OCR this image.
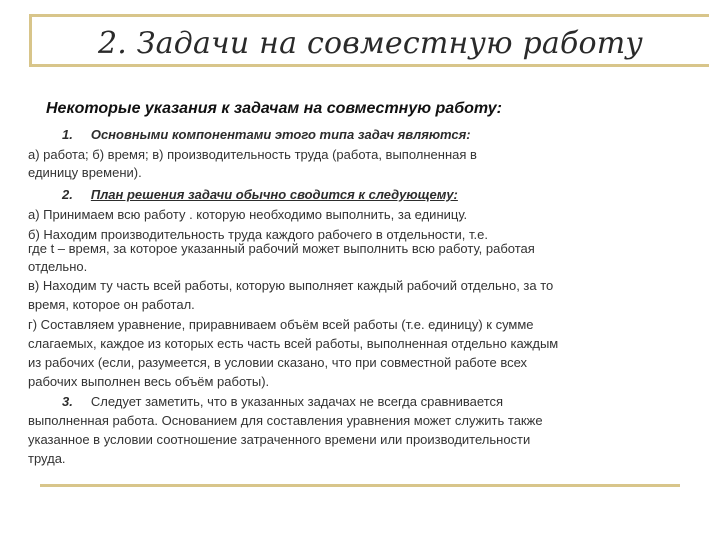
2. Задачи на совместную работу
Некоторые указания к задачам на совместную работу:
1. Основными компонентами этого типа задач являются:
а) работа; б) время; в) производительность труда (работа, выполненная в
единицу времени).
2. План решения задачи обычно сводится к следующему:
а) Принимаем всю работу . которую необходимо выполнить, за единицу.
б) Находим производительность труда каждого рабочего в отдельности, т.е.
где t – время, за которое указанный рабочий может выполнить всю работу, работая
отдельно.
в) Находим ту часть всей работы, которую выполняет каждый рабочий отдельно, за то
время, которое он работал.
г) Составляем уравнение, приравниваем объём всей работы (т.е. единицу) к сумме
слагаемых, каждое из которых есть часть всей работы, выполненная отдельно каждым
из рабочих (если, разумеется, в условии сказано, что при совместной работе всех
рабочих выполнен весь объём работы).
3. Следует заметить, что в указанных задачах не всегда сравнивается
выполненная работа. Основанием для составления уравнения может служить также
указанное в условии соотношение затраченного времени или производительности
труда.
